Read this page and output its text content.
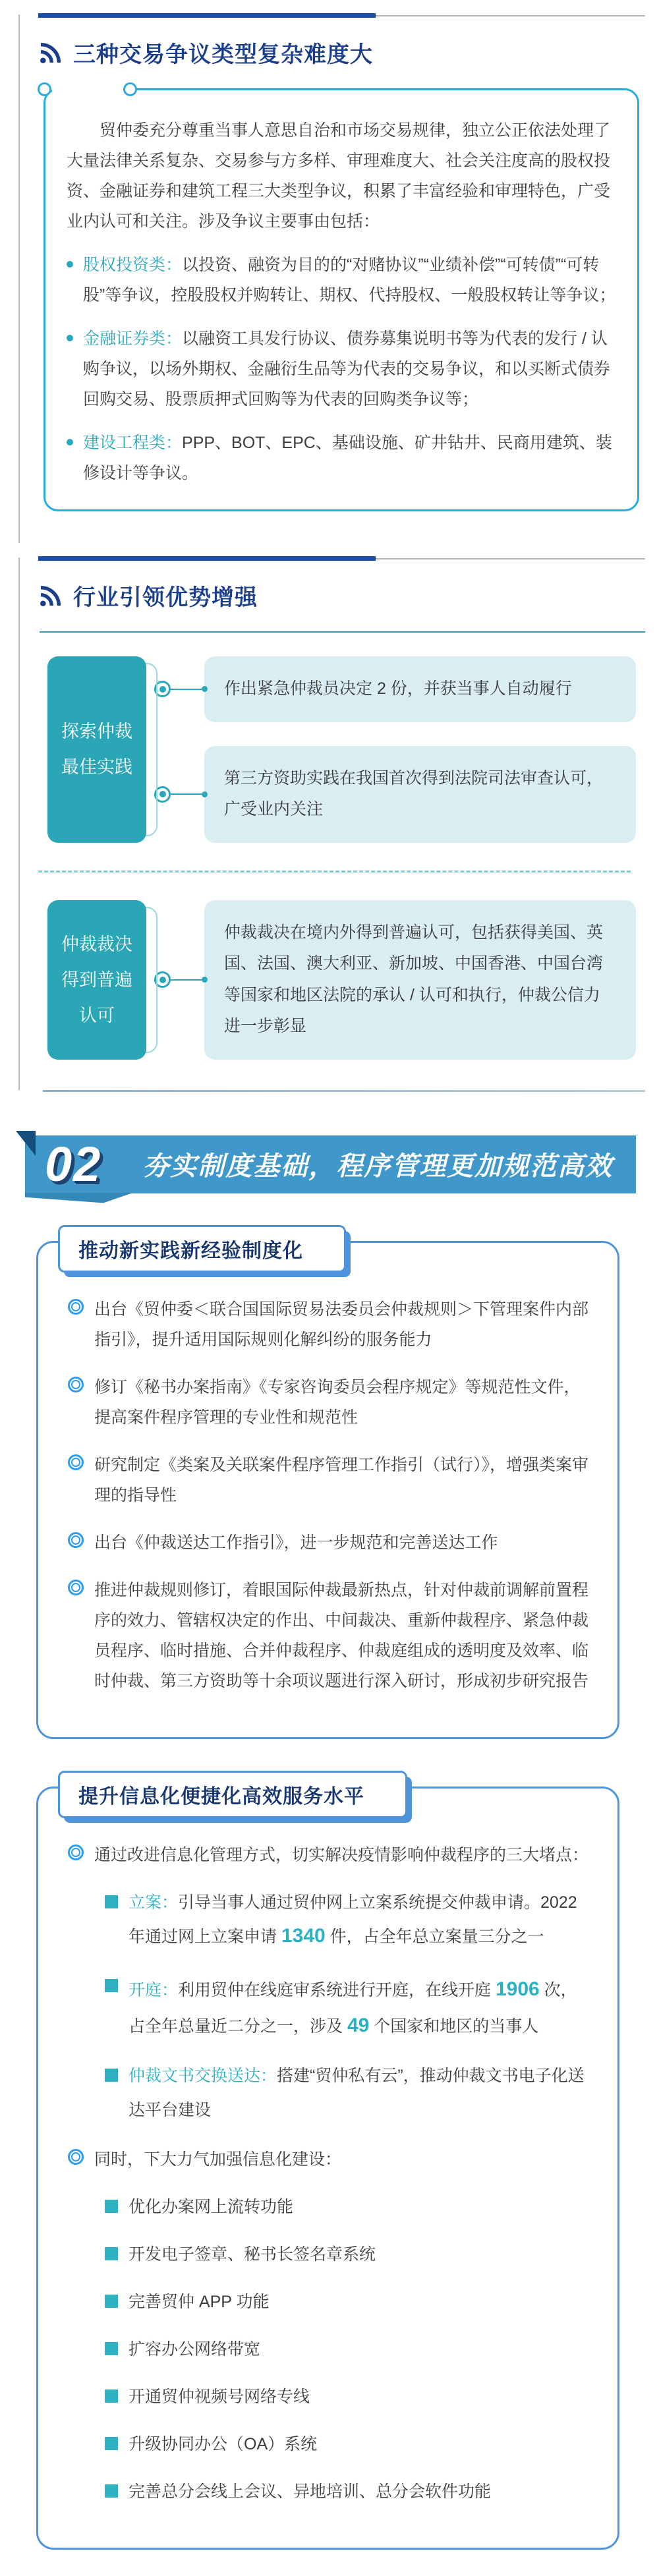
三种交易争议类型复杂难度大

贸仲委充分尊重当事人意思自治和市场交易规律，独立公正依法处理了大量法律关系复杂、交易参与方多样、审理难度大、社会关注度高的股权投资、金融证券和建筑工程三大类型争议，积累了丰富经验和审理特色，广受业内认可和关注。涉及争议主要事由包括：

股权投资类：以投资、融资为目的的“对赌协议”“业绩补偿”“可转债”“可转股”等争议，控股股权并购转让、期权、代持股权、一般股权转让等争议；

金融证券类：以融资工具发行协议、债券募集说明书等为代表的发行 / 认购争议，以场外期权、金融衍生品等为代表的交易争议，和以买断式债券回购交易、股票质押式回购等为代表的回购类争议等；

建设工程类：PPP、BOT、EPC、基础设施、矿井钻井、民商用建筑、装修设计等争议。

行业引领优势增强
探索仲裁最佳实践

作出紧急仲裁员决定 2 份，并获当事人自动履行

第三方资助实践在我国首次得到法院司法审查认可，广受业内关注

仲裁裁决得到普遍认可

仲裁裁决在境内外得到普遍认可，包括获得美国、英国、法国、澳大利亚、新加坡、中国香港、中国台湾等国家和地区法院的承认 / 认可和执行，仲裁公信力进一步彰显

02 夯实制度基础，程序管理更加规范高效
推动新实践新经验制度化

出台《贸仲委＜联合国国际贸易法委员会仲裁规则＞下管理案件内部指引》，提升适用国际规则化解纠纷的服务能力

修订《秘书办案指南》《专家咨询委员会程序规定》等规范性文件，提高案件程序管理的专业性和规范性

研究制定《类案及关联案件程序管理工作指引（试行）》，增强类案审理的指导性

出台《仲裁送达工作指引》，进一步规范和完善送达工作

推进仲裁规则修订，着眼国际仲裁最新热点，针对仲裁前调解前置程序的效力、管辖权决定的作出、中间裁决、重新仲裁程序、紧急仲裁员程序、临时措施、合并仲裁程序、仲裁庭组成的透明度及效率、临时仲裁、第三方资助等十余项议题进行深入研讨，形成初步研究报告

提升信息化便捷化高效服务水平

通过改进信息化管理方式，切实解决疫情影响仲裁程序的三大堵点：

立案：引导当事人通过贸仲网上立案系统提交仲裁申请。2022 年通过网上立案申请 1340 件，占全年总立案量三分之一

开庭：利用贸仲在线庭审系统进行开庭，在线开庭 1906 次，占全年总量近二分之一，涉及 49 个国家和地区的当事人

仲裁文书交换送达：搭建“贸仲私有云”，推动仲裁文书电子化送达平台建设

同时，下大力气加强信息化建设：

优化办案网上流转功能

开发电子签章、秘书长签名章系统

完善贸仲 APP 功能

扩容办公网络带宽

开通贸仲视频号网络专线

升级协同办公（OA）系统

完善总分会线上会议、异地培训、总分会软件功能
